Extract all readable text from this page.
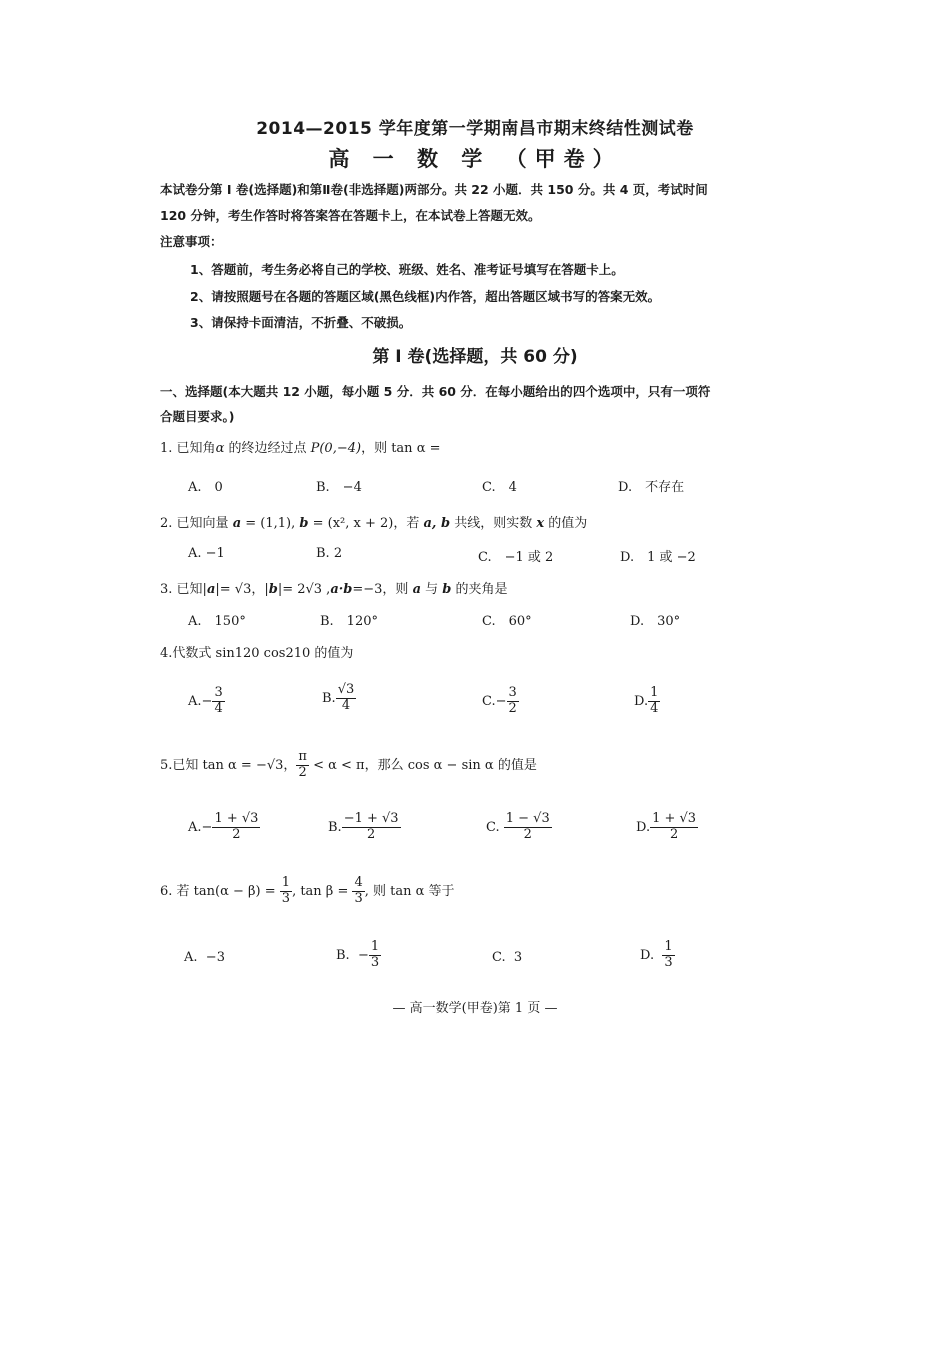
2014—2015 学年度第一学期南昌市期末终结性测试卷
高 一 数 学 （甲卷）
本试卷分第 I 卷(选择题)和第Ⅱ卷(非选择题)两部分。共 22 小题．共 150 分。共 4 页，考试时间
120 分钟，考生作答时将答案答在答题卡上，在本试卷上答题无效。
注意事项：
1、答题前，考生务必将自己的学校、班级、姓名、准考证号填写在答题卡上。
2、请按照题号在各题的答题区域(黑色线框)内作答，超出答题区域书写的答案无效。
3、请保持卡面清洁，不折叠、不破损。
第 I 卷(选择题，共 60 分)
一、选择题(本大题共 12 小题，每小题 5 分．共 60 分．在每小题给出的四个选项中，只有一项符
合题目要求。)
1. 已知角α 的终边经过点 P(0,−4)，则 tan α =
A.　0	B.　−4	C.　4	D.　不存在
2. 已知向量 a = (1,1), b = (x², x + 2)，若 a, b 共线，则实数 x 的值为
A. −1	B. 2	C.　−1 或 2	D.　1 或 −2
3. 已知|a|= √3，|b|= 2√3 ,a·b=−3，则 a 与 b 的夹角是
A.　150°	B.　120°	C.　60°	D.　30°
4.代数式 sin120 cos210 的值为
$A.- \frac{3}{4}$	B. $\frac{√3}{4}$	$C.- \frac{3}{2}$	D. $\frac{1}{4}$
5.已知 tan α = −√3， $\frac{\pi}{2} < \alpha < \pi$，那么 cos α − sin α 的值是
$A.- \frac{1 + √3}{2}$	B. $\frac{-1 + √3}{2}$	C. $\frac{1 - √3}{2}$	D. $\frac{1 + √3}{2}$
6. 若 $\tan(\alpha - \beta) = \frac{1}{3}$ , $\tan \beta = \frac{4}{3}$ , 则 tan α 等于
A. −3	B. − $\frac{1}{3}$	C. 3	D. $\frac{1}{3}$
— 高一数学(甲卷)第 1 页 —
